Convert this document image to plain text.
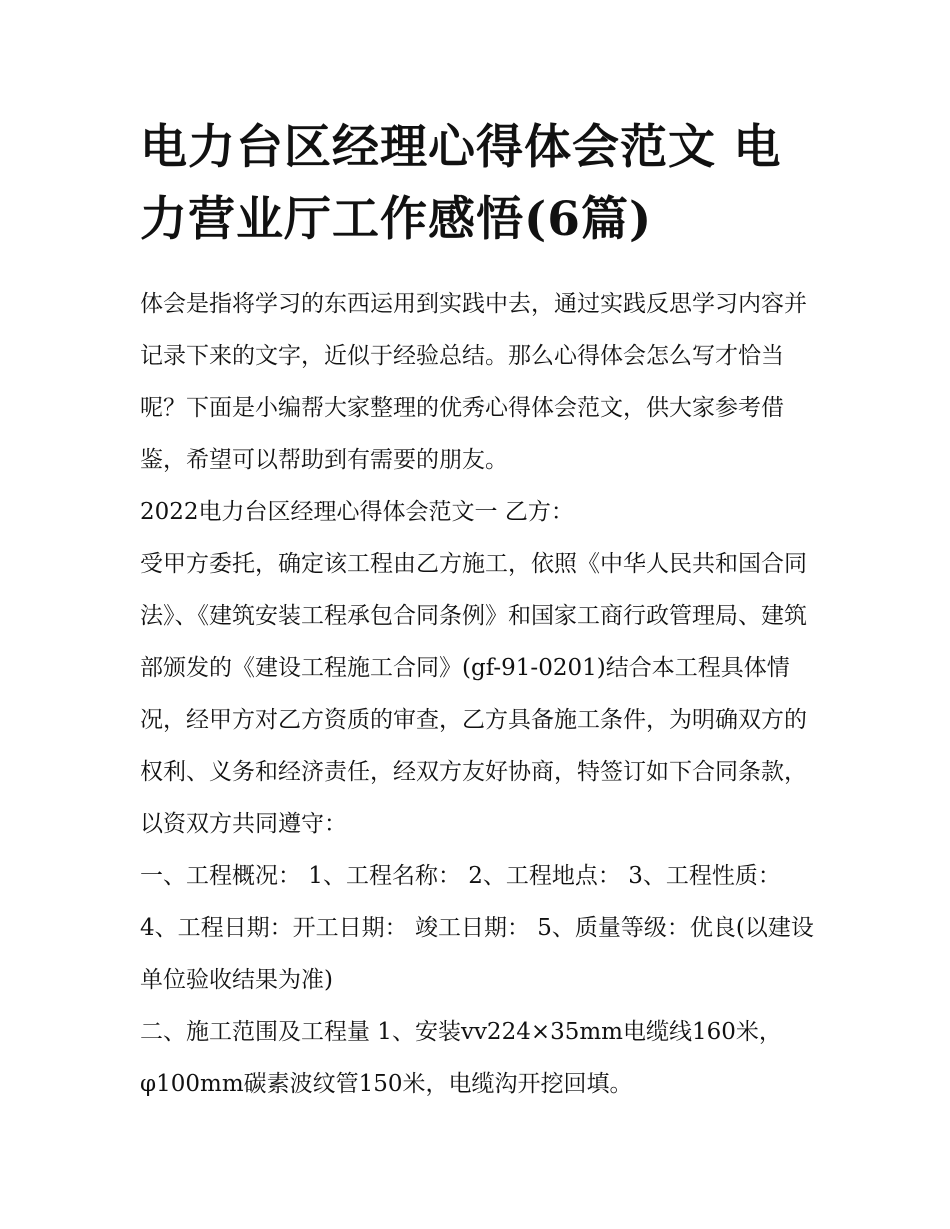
电力台区经理心得体会范文 电力营业厅工作感悟(6篇)

体会是指将学习的东西运用到实践中去，通过实践反思学习内容并记录下来的文字，近似于经验总结。那么心得体会怎么写才恰当呢？下面是小编帮大家整理的优秀心得体会范文，供大家参考借鉴，希望可以帮助到有需要的朋友。

2022电力台区经理心得体会范文一 乙方：

受甲方委托，确定该工程由乙方施工，依照《中华人民共和国合同法》、《建筑安装工程承包合同条例》和国家工商行政管理局、建筑部颁发的《建设工程施工合同》(gf-91-0201)结合本工程具体情况，经甲方对乙方资质的审查，乙方具备施工条件，为明确双方的权利、义务和经济责任，经双方友好协商，特签订如下合同条款，以资双方共同遵守：

一、工程概况： 1、工程名称： 2、工程地点： 3、工程性质： 4、工程日期：开工日期： 竣工日期： 5、质量等级：优良(以建设单位验收结果为准)

二、施工范围及工程量 1、安装vv224×35mm电缆线160米，φ100mm碳素波纹管150米，电缆沟开挖回填。
